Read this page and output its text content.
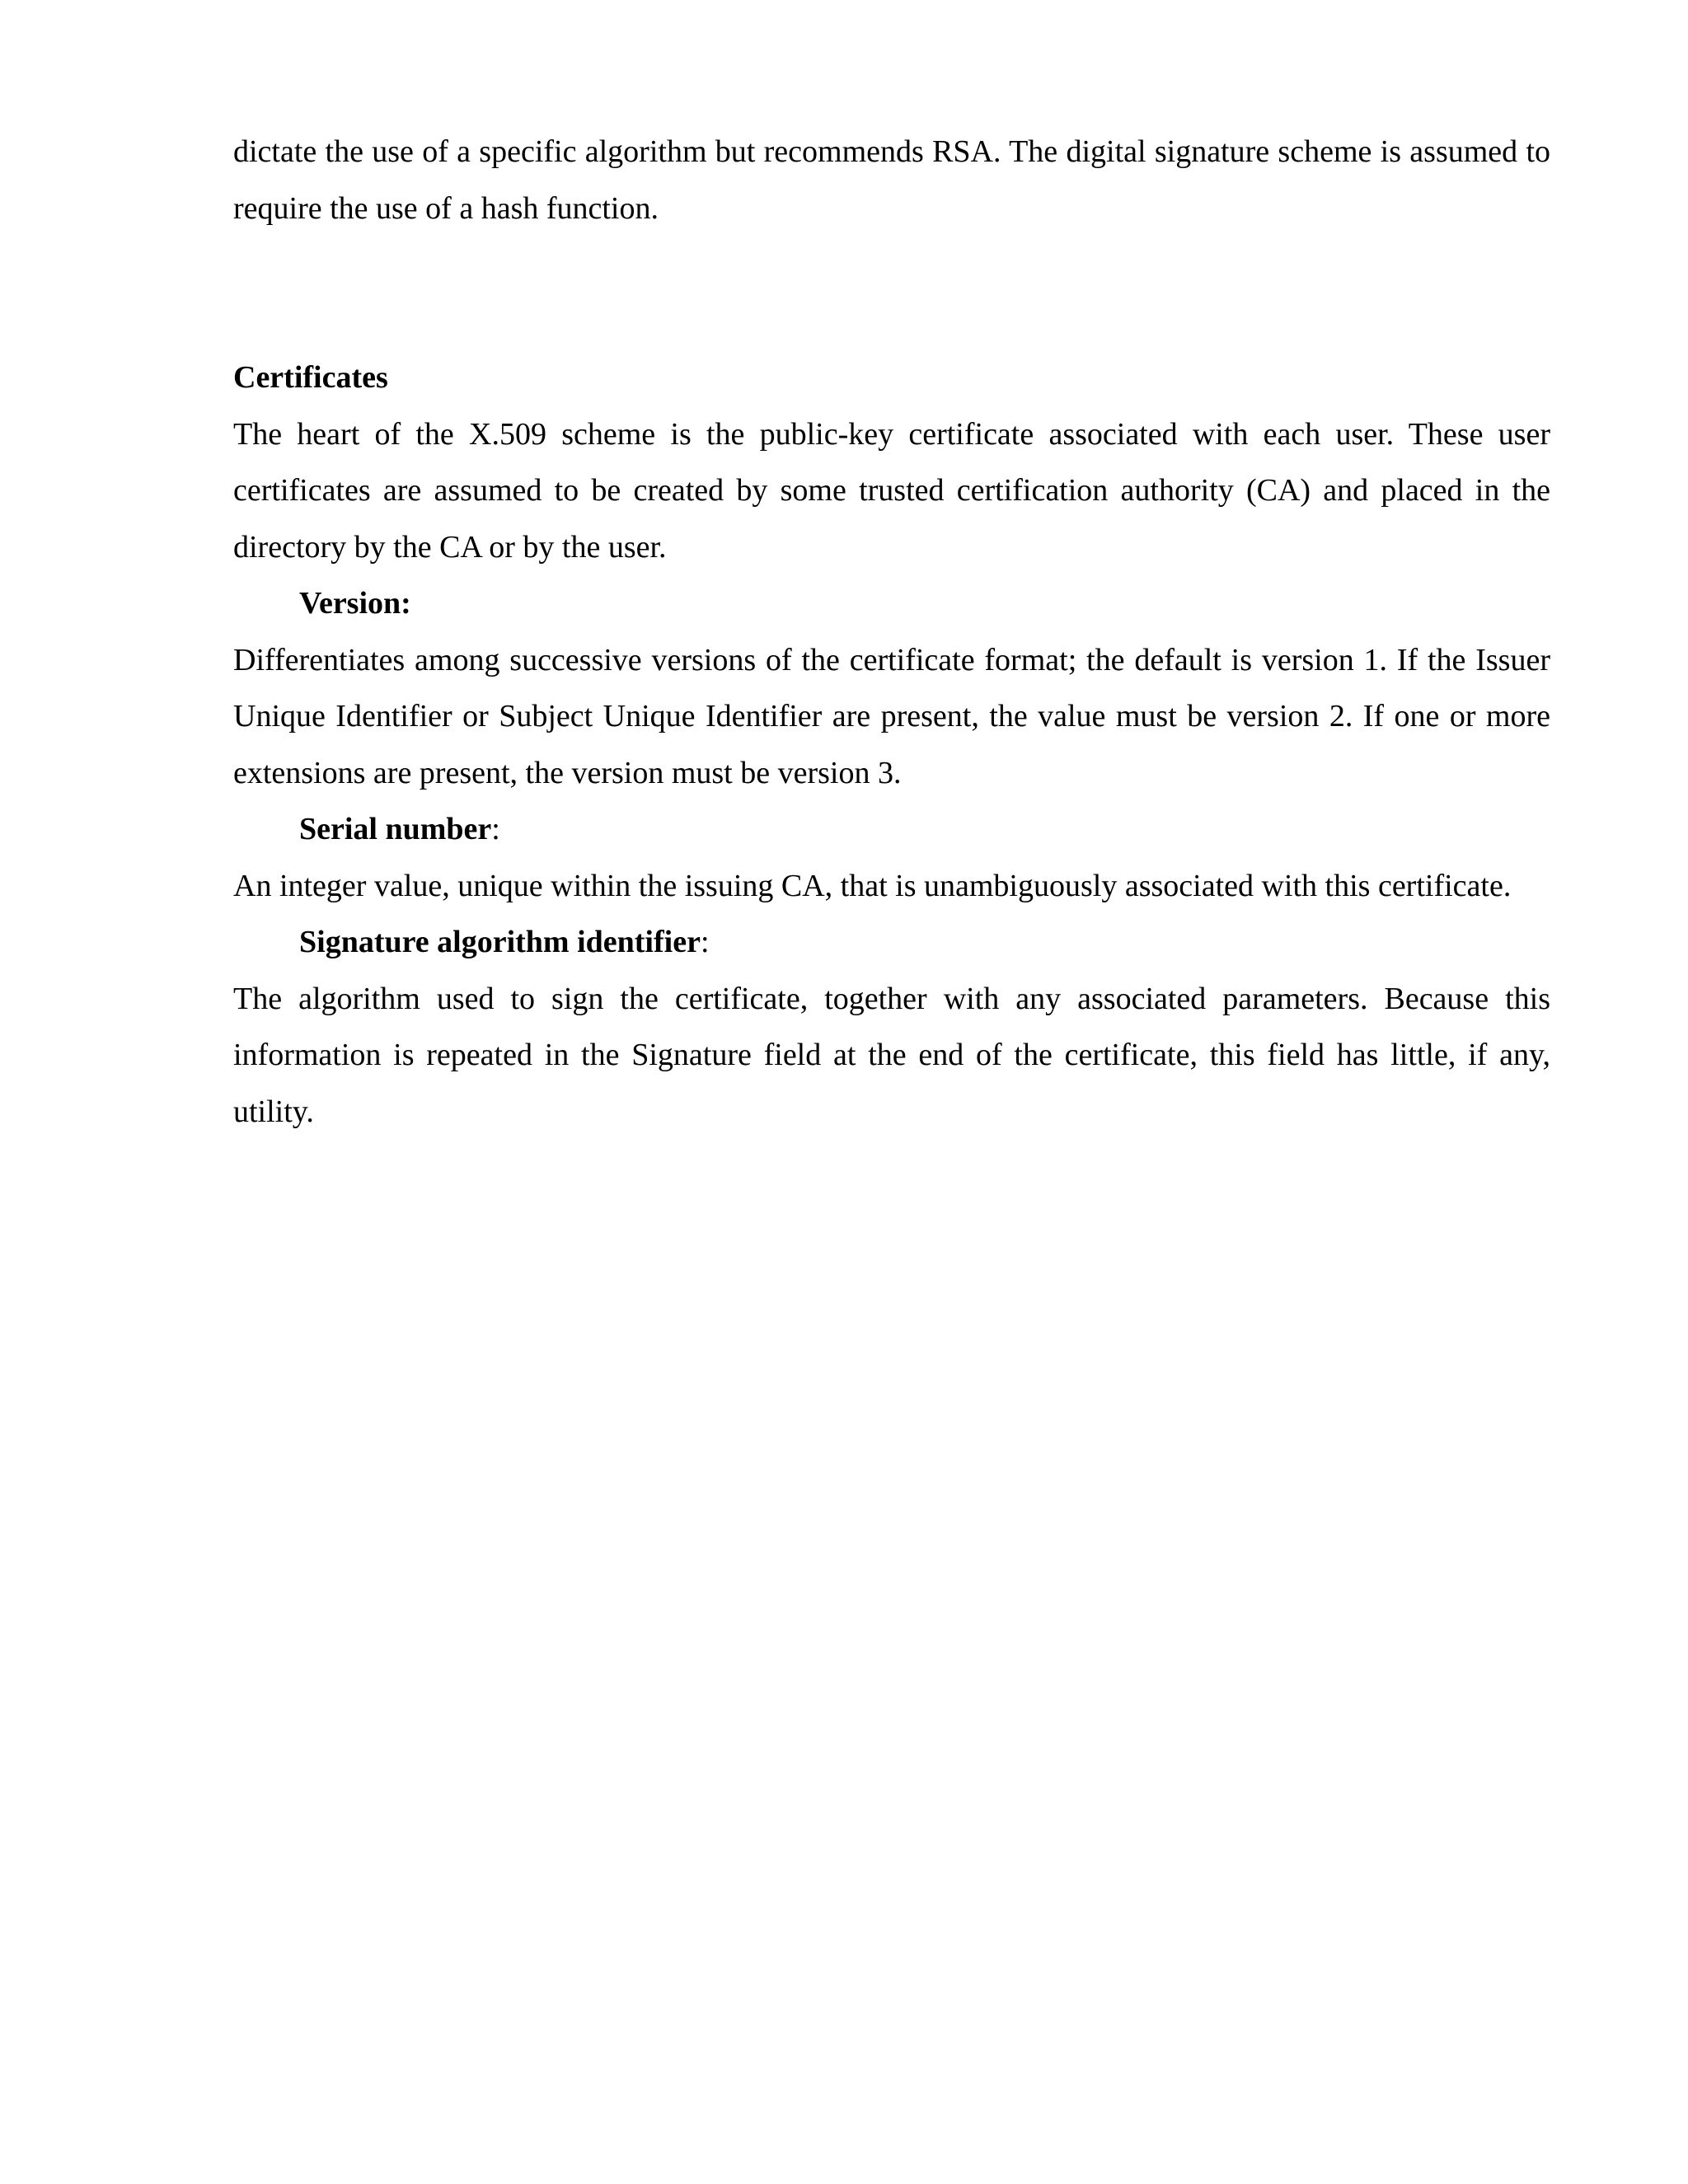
dictate the use of a specific algorithm but recommends RSA. The digital signature scheme is assumed to require the use of a hash function.

Certificates

The heart of the X.509 scheme is the public-key certificate associated with each user. These user certificates are assumed to be created by some trusted certification authority (CA) and placed in the directory by the CA or by the user.

Version:

Differentiates among successive versions of the certificate format; the default is version 1. If the Issuer Unique Identifier or Subject Unique Identifier are present, the value must be version 2. If one or more extensions are present, the version must be version 3.

Serial number:

An integer value, unique within the issuing CA, that is unambiguously associated with this certificate.

Signature algorithm identifier:

The algorithm used to sign the certificate, together with any associated parameters. Because this information is repeated in the Signature field at the end of the certificate, this field has little, if any, utility.
